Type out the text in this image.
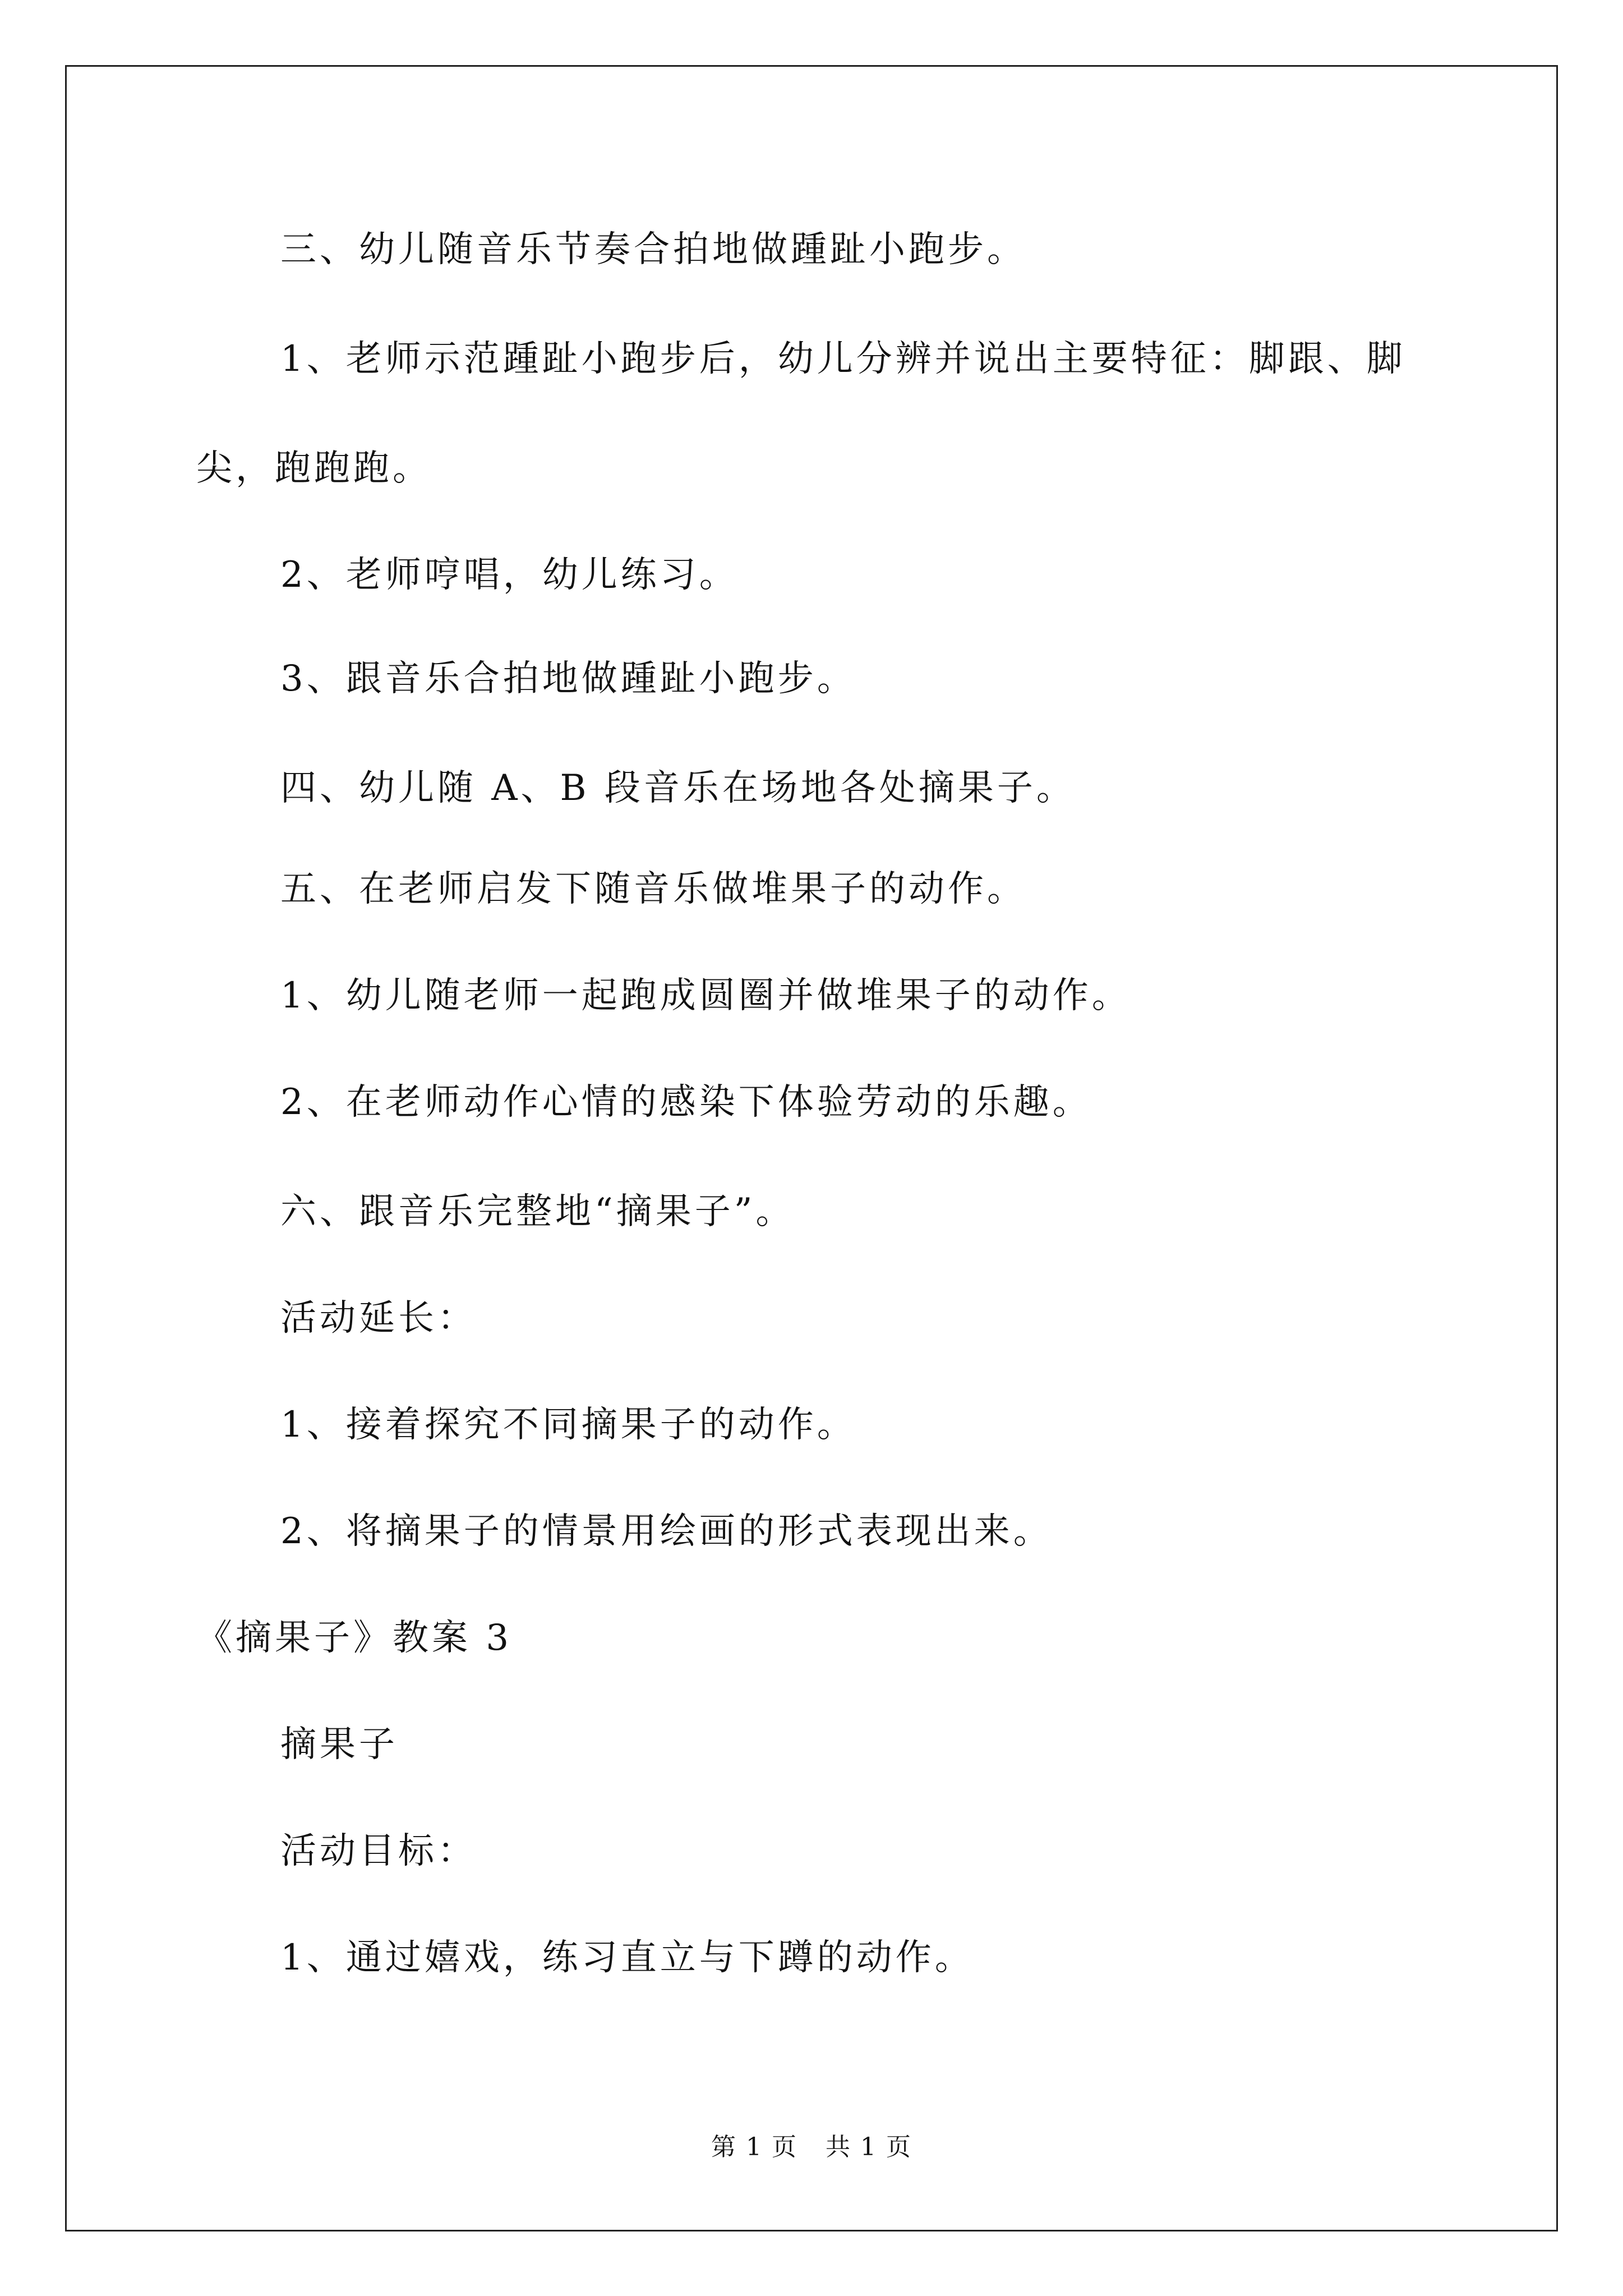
三、幼儿随音乐节奏合拍地做踵趾小跑步。
1、老师示范踵趾小跑步后，幼儿分辨并说出主要特征：脚跟、脚
尖，跑跑跑。
2、老师哼唱，幼儿练习。
3、跟音乐合拍地做踵趾小跑步。
四、幼儿随 A、B 段音乐在场地各处摘果子。
五、在老师启发下随音乐做堆果子的动作。
1、幼儿随老师一起跑成圆圈并做堆果子的动作。
2、在老师动作心情的感染下体验劳动的乐趣。
六、跟音乐完整地“摘果子”。
活动延长：
1、接着探究不同摘果子的动作。
2、将摘果子的情景用绘画的形式表现出来。
《摘果子》教案 3
摘果子
活动目标：
1、通过嬉戏，练习直立与下蹲的动作。
第 1 页 共 1 页
